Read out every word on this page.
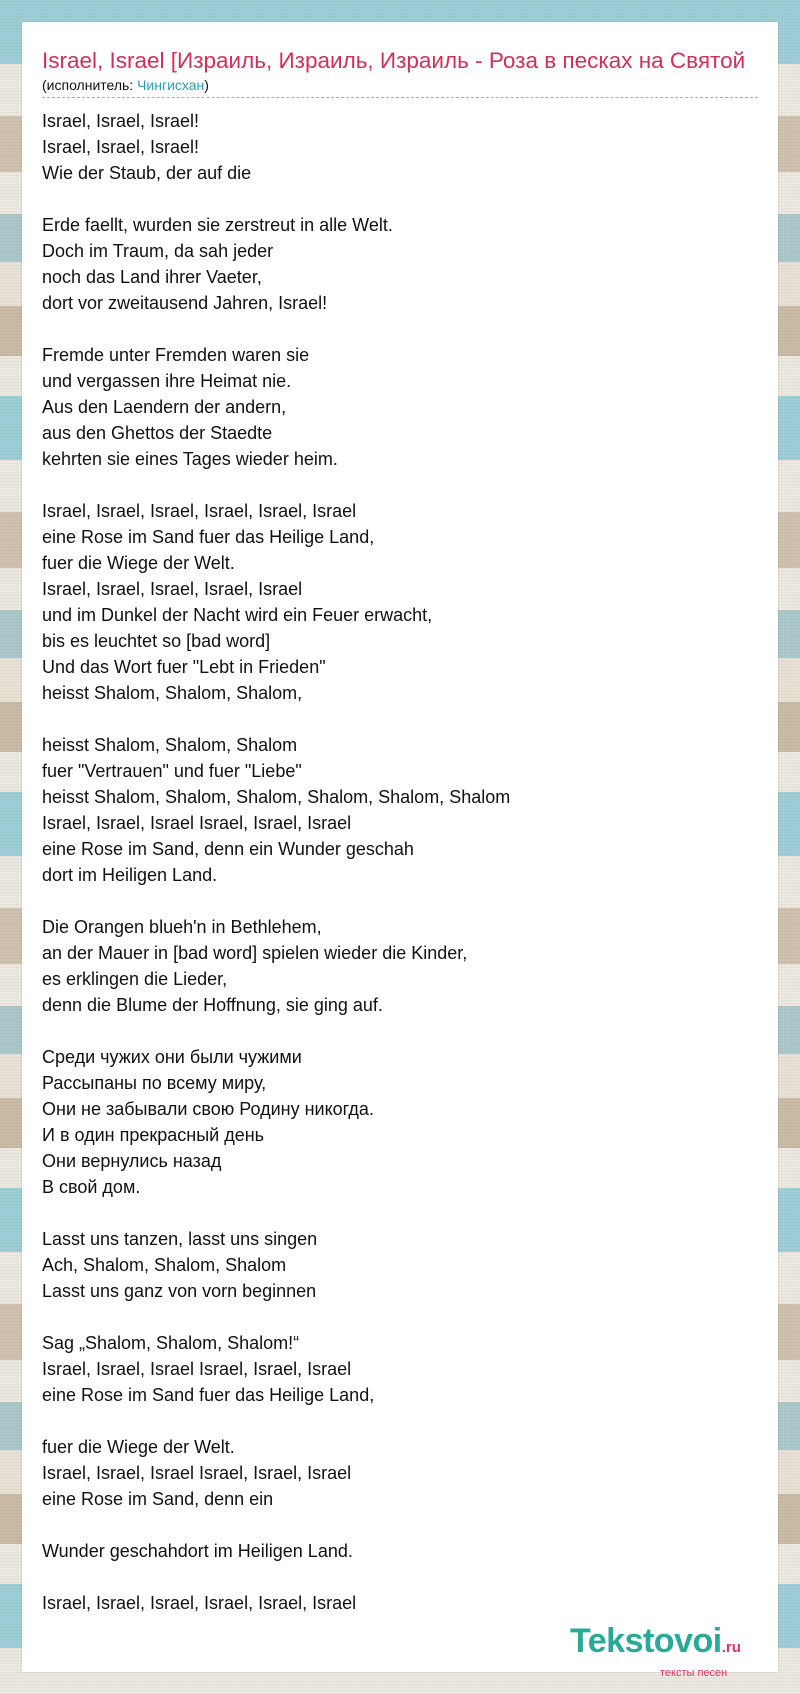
Israel, Israel [Израиль, Израиль, Израиль - Роза в песках на Святой
(исполнитель: Чингисхан)
Israel, Israel, Israel!
Israel, Israel, Israel!
Wie der Staub, der auf die

Erde faellt, wurden sie zerstreut in alle Welt.
Doch im Traum, da sah jeder
noch das Land ihrer Vaeter,
dort vor zweitausend Jahren, Israel!

Fremde unter Fremden waren sie
und vergassen ihre Heimat nie.
Aus den Laendern der andern,
aus den Ghettos der Staedte
kehrten sie eines Tages wieder heim.

Israel, Israel, Israel, Israel, Israel, Israel
eine Rose im Sand fuer das Heilige Land,
fuer die Wiege der Welt.
Israel, Israel, Israel, Israel, Israel
und im Dunkel der Nacht wird ein Feuer erwacht,
bis es leuchtet so [bad word]
Und das Wort fuer "Lebt in Frieden"
heisst Shalom, Shalom, Shalom,

heisst Shalom, Shalom, Shalom
fuer "Vertrauen" und fuer "Liebe"
heisst Shalom, Shalom, Shalom, Shalom, Shalom, Shalom
Israel, Israel, Israel Israel, Israel, Israel
eine Rose im Sand, denn ein Wunder geschah
dort im Heiligen Land.

Die Orangen blueh'n in Bethlehem,
an der Mauer in [bad word] spielen wieder die Kinder,
es erklingen die Lieder,
denn die Blume der Hoffnung, sie ging auf.

Среди чужих они были чужими
Рассыпаны по всему миру,
Они не забывали свою Родину никогда.
И в один прекрасный день
Они вернулись назад
В свой дом.

Lasst uns tanzen, lasst uns singen
Ach, Shalom, Shalom, Shalom
Lasst uns ganz von vorn beginnen

Sag „Shalom, Shalom, Shalom!“
Israel, Israel, Israel Israel, Israel, Israel
eine Rose im Sand fuer das Heilige Land,

fuer die Wiege der Welt.
Israel, Israel, Israel Israel, Israel, Israel
eine Rose im Sand, denn ein

Wunder geschahdort im Heiligen Land.

Israel, Israel, Israel, Israel, Israel, Israel
Tekstovoi.ru
тексты песен
